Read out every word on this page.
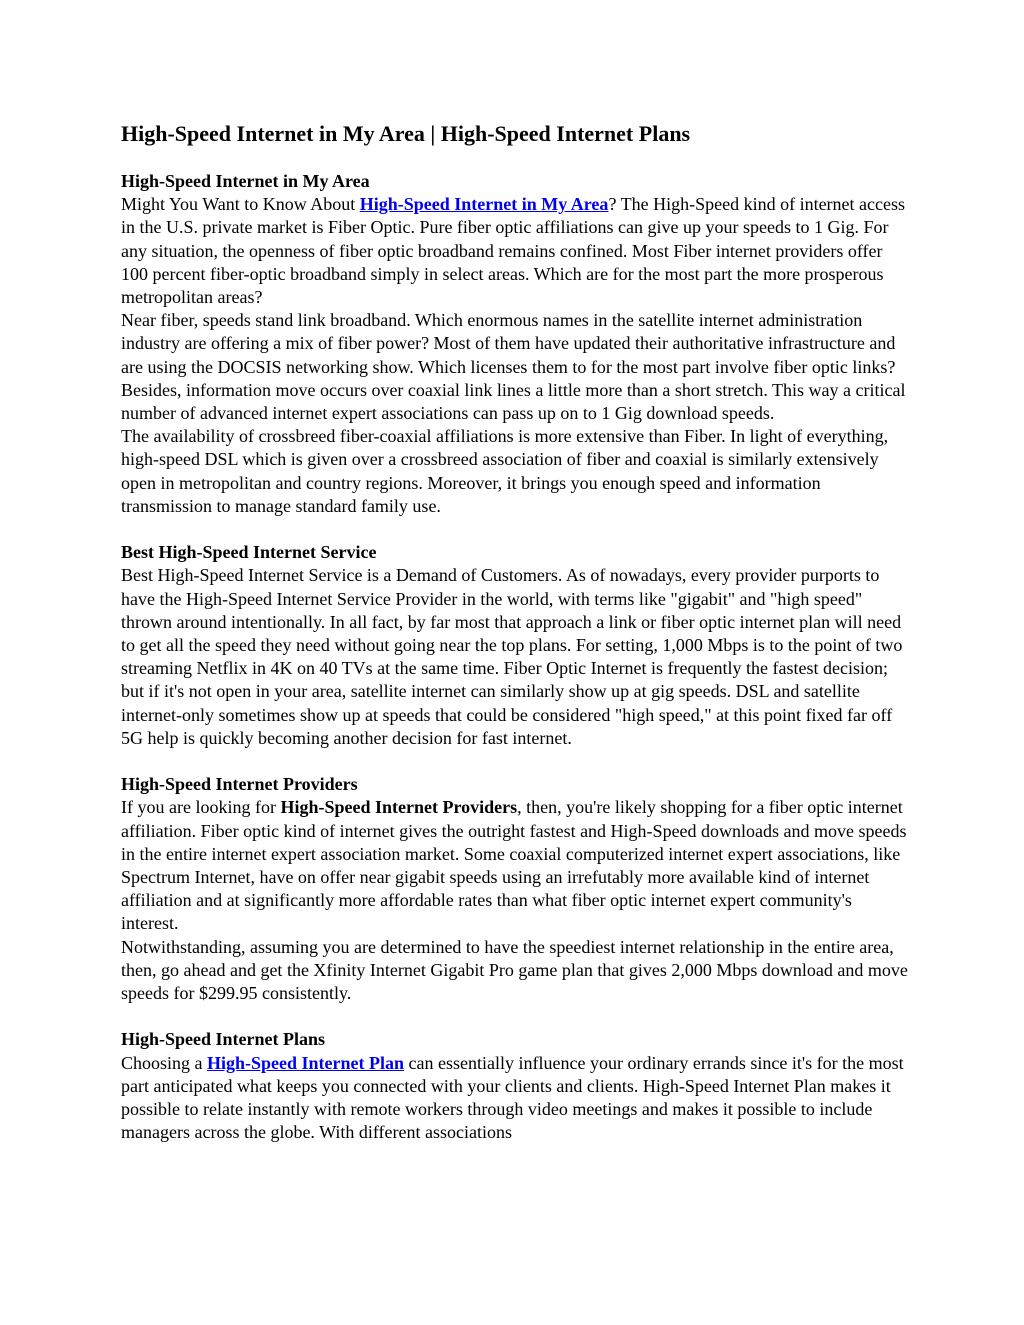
High-Speed Internet in My Area | High-Speed Internet Plans
High-Speed Internet in My Area
Might You Want to Know About High-Speed Internet in My Area? The High-Speed kind of internet access in the U.S. private market is Fiber Optic. Pure fiber optic affiliations can give up your speeds to 1 Gig. For any situation, the openness of fiber optic broadband remains confined. Most Fiber internet providers offer 100 percent fiber-optic broadband simply in select areas. Which are for the most part the more prosperous metropolitan areas?
Near fiber, speeds stand link broadband. Which enormous names in the satellite internet administration industry are offering a mix of fiber power? Most of them have updated their authoritative infrastructure and are using the DOCSIS networking show. Which licenses them to for the most part involve fiber optic links? Besides, information move occurs over coaxial link lines a little more than a short stretch. This way a critical number of advanced internet expert associations can pass up on to 1 Gig download speeds.
The availability of crossbreed fiber-coaxial affiliations is more extensive than Fiber. In light of everything, high-speed DSL which is given over a crossbreed association of fiber and coaxial is similarly extensively open in metropolitan and country regions. Moreover, it brings you enough speed and information transmission to manage standard family use.
Best High-Speed Internet Service
Best High-Speed Internet Service is a Demand of Customers. As of nowadays, every provider purports to have the High-Speed Internet Service Provider in the world, with terms like "gigabit" and "high speed" thrown around intentionally. In all fact, by far most that approach a link or fiber optic internet plan will need to get all the speed they need without going near the top plans. For setting, 1,000 Mbps is to the point of two streaming Netflix in 4K on 40 TVs at the same time. Fiber Optic Internet is frequently the fastest decision; but if it's not open in your area, satellite internet can similarly show up at gig speeds. DSL and satellite internet-only sometimes show up at speeds that could be considered "high speed," at this point fixed far off 5G help is quickly becoming another decision for fast internet.
High-Speed Internet Providers
If you are looking for High-Speed Internet Providers, then, you're likely shopping for a fiber optic internet affiliation. Fiber optic kind of internet gives the outright fastest and High-Speed downloads and move speeds in the entire internet expert association market. Some coaxial computerized internet expert associations, like Spectrum Internet, have on offer near gigabit speeds using an irrefutably more available kind of internet affiliation and at significantly more affordable rates than what fiber optic internet expert community's interest.
Notwithstanding, assuming you are determined to have the speediest internet relationship in the entire area, then, go ahead and get the Xfinity Internet Gigabit Pro game plan that gives 2,000 Mbps download and move speeds for $299.95 consistently.
High-Speed Internet Plans
Choosing a High-Speed Internet Plan can essentially influence your ordinary errands since it's for the most part anticipated what keeps you connected with your clients and clients. High-Speed Internet Plan makes it possible to relate instantly with remote workers through video meetings and makes it possible to include managers across the globe. With different associations
